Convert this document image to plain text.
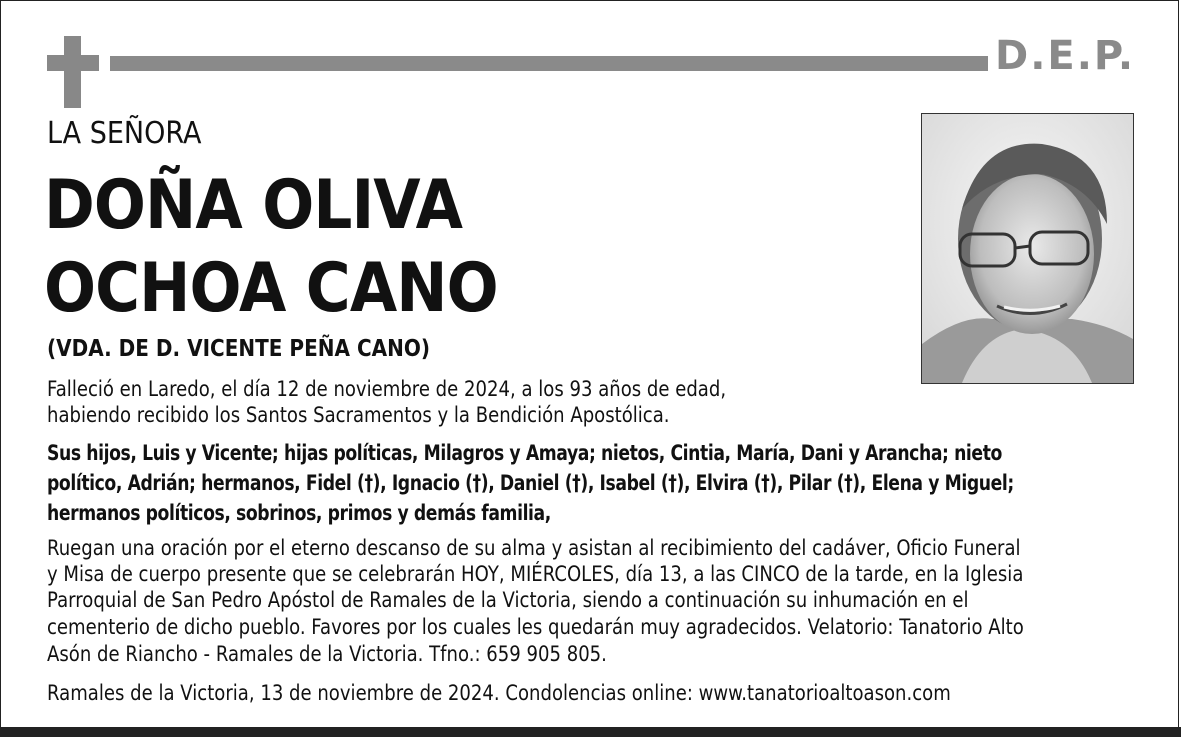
D.E.P.
LA SEÑORA
DOÑA OLIVA
OCHOA CANO
(VDA. DE D. VICENTE PEÑA CANO)
Falleció en Laredo, el día 12 de noviembre de 2024, a los 93 años de edad,
habiendo recibido los Santos Sacramentos y la Bendición Apostólica.
Sus hijos, Luis y Vicente; hijas políticas, Milagros y Amaya; nietos, Cintia, María, Dani y Arancha; nieto
político, Adrián; hermanos, Fidel (†), Ignacio (†), Daniel (†), Isabel (†), Elvira (†), Pilar (†), Elena y Miguel;
hermanos políticos, sobrinos, primos y demás familia,
Ruegan una oración por el eterno descanso de su alma y asistan al recibimiento del cadáver, Oficio Funeral
y Misa de cuerpo presente que se celebrarán HOY, MIÉRCOLES, día 13, a las CINCO de la tarde, en la Iglesia
Parroquial de San Pedro Apóstol de Ramales de la Victoria, siendo a continuación su inhumación en el
cementerio de dicho pueblo. Favores por los cuales les quedarán muy agradecidos. Velatorio: Tanatorio Alto
Asón de Riancho - Ramales de la Victoria. Tfno.: 659 905 805.
Ramales de la Victoria, 13 de noviembre de 2024. Condolencias online: www.tanatorioaltoason.com
